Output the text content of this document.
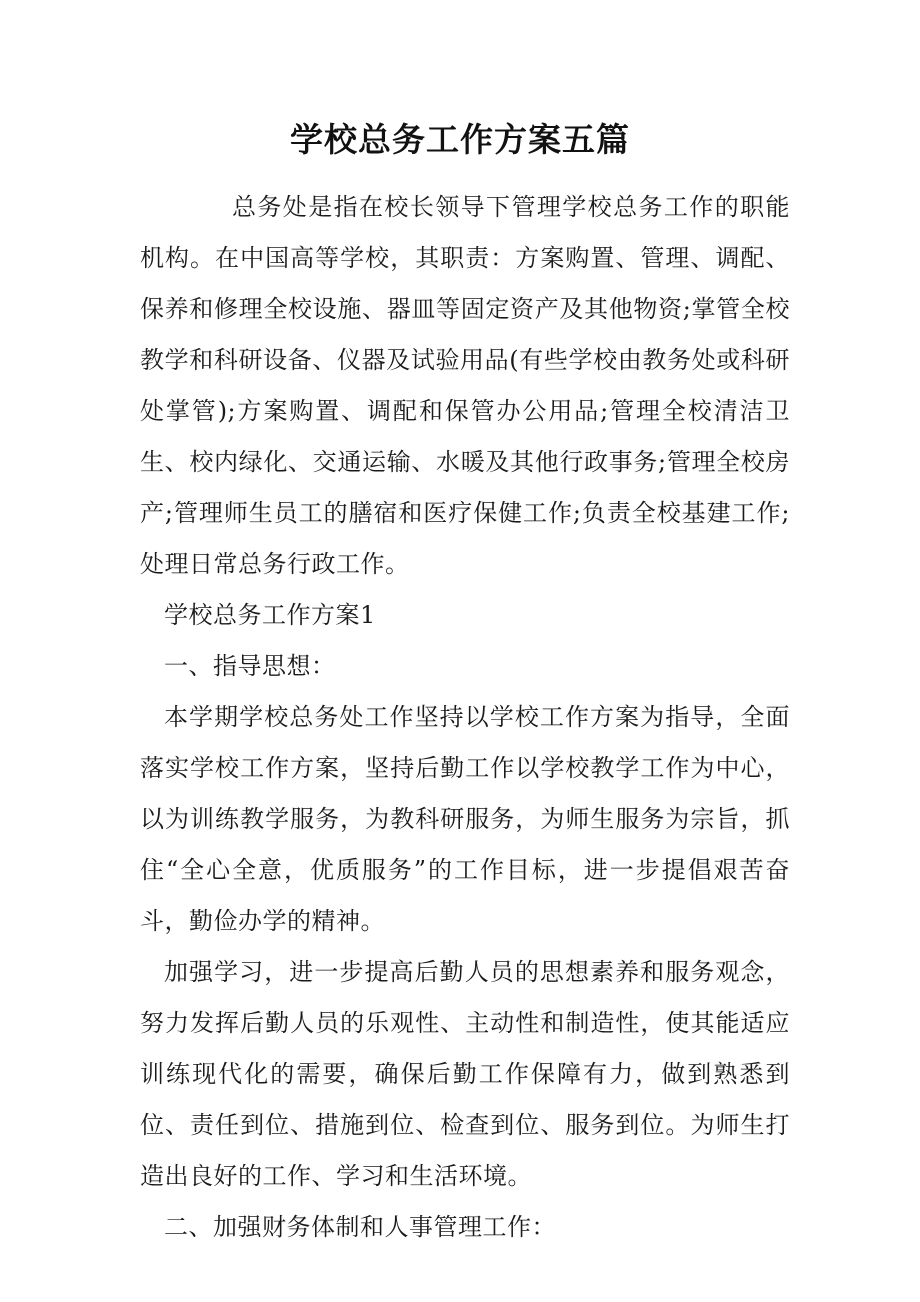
学校总务工作方案五篇

总务处是指在校长领导下管理学校总务工作的职能机构。在中国高等学校，其职责：方案购置、管理、调配、保养和修理全校设施、器皿等固定资产及其他物资;掌管全校教学和科研设备、仪器及试验用品(有些学校由教务处或科研处掌管);方案购置、调配和保管办公用品;管理全校清洁卫生、校内绿化、交通运输、水暖及其他行政事务;管理全校房产;管理师生员工的膳宿和医疗保健工作;负责全校基建工作;处理日常总务行政工作。

学校总务工作方案1

一、指导思想：

本学期学校总务处工作坚持以学校工作方案为指导，全面落实学校工作方案，坚持后勤工作以学校教学工作为中心，以为训练教学服务，为教科研服务，为师生服务为宗旨，抓住“全心全意，优质服务”的工作目标，进一步提倡艰苦奋斗，勤俭办学的精神。

加强学习，进一步提高后勤人员的思想素养和服务观念，努力发挥后勤人员的乐观性、主动性和制造性，使其能适应训练现代化的需要，确保后勤工作保障有力，做到熟悉到位、责任到位、措施到位、检查到位、服务到位。为师生打造出良好的工作、学习和生活环境。

二、加强财务体制和人事管理工作：
